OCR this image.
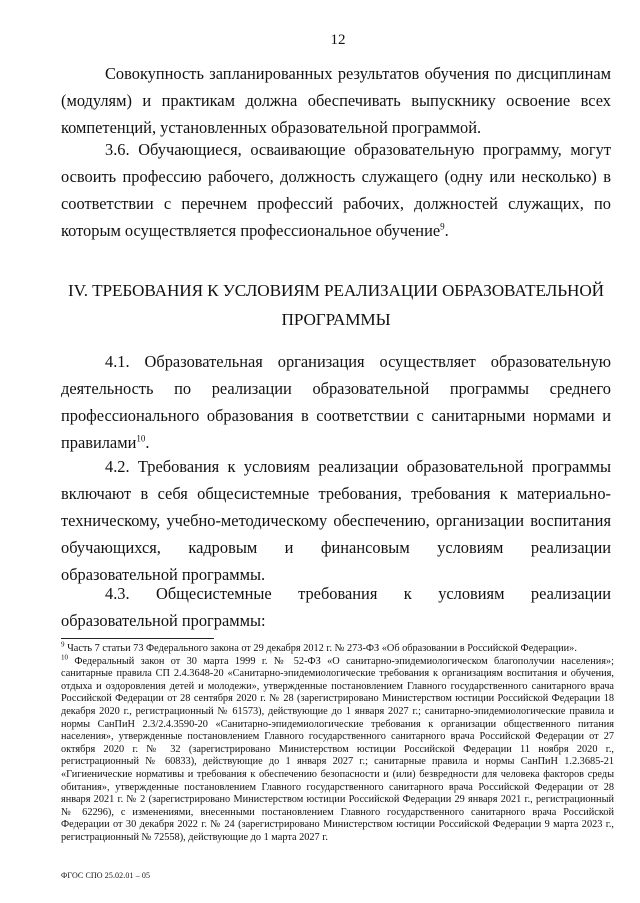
12

Совокупность запланированных результатов обучения по дисциплинам (модулям) и практикам должна обеспечивать выпускнику освоение всех компетенций, установленных образовательной программой.

3.6. Обучающиеся, осваивающие образовательную программу, могут освоить профессию рабочего, должность служащего (одну или несколько) в соответствии с перечнем профессий рабочих, должностей служащих, по которым осуществляется профессиональное обучение$^9$.

IV. ТРЕБОВАНИЯ К УСЛОВИЯМ РЕАЛИЗАЦИИ ОБРАЗОВАТЕЛЬНОЙ ПРОГРАММЫ

4.1. Образовательная организация осуществляет образовательную деятельность по реализации образовательной программы среднего профессионального образования в соответствии с санитарными нормами и правилами$^{10}$.

4.2. Требования к условиям реализации образовательной программы включают в себя общесистемные требования, требования к материально-техническому, учебно-методическому обеспечению, организации воспитания обучающихся, кадровым и финансовым условиям реализации образовательной программы.

4.3. Общесистемные требования к условиям реализации образовательной программы:

$^9$ Часть 7 статьи 73 Федерального закона от 29 декабря 2012 г. № 273-ФЗ «Об образовании в Российской Федерации».

$^{10}$ Федеральный закон от 30 марта 1999 г. № 52-ФЗ «О санитарно-эпидемиологическом благополучии населения»; санитарные правила СП 2.4.3648-20 «Санитарно-эпидемиологические требования к организациям воспитания и обучения, отдыха и оздоровления детей и молодежи», утвержденные постановлением Главного государственного санитарного врача Российской Федерации от 28 сентября 2020 г. № 28 (зарегистрировано Министерством юстиции Российской Федерации 18 декабря 2020 г., регистрационный № 61573), действующие до 1 января 2027 г.; санитарно-эпидемиологические правила и нормы СанПиН 2.3/2.4.3590-20 «Санитарно-эпидемиологические требования к организации общественного питания населения», утвержденные постановлением Главного государственного санитарного врача Российской Федерации от 27 октября 2020 г. № 32 (зарегистрировано Министерством юстиции Российской Федерации 11 ноября 2020 г., регистрационный № 60833), действующие до 1 января 2027 г.; санитарные правила и нормы СанПиН 1.2.3685-21 «Гигиенические нормативы и требования к обеспечению безопасности и (или) безвредности для человека факторов среды обитания», утвержденные постановлением Главного государственного санитарного врача Российской Федерации от 28 января 2021 г. № 2 (зарегистрировано Министерством юстиции Российской Федерации 29 января 2021 г., регистрационный № 62296), с изменениями, внесенными постановлением Главного государственного санитарного врача Российской Федерации от 30 декабря 2022 г. № 24 (зарегистрировано Министерством юстиции Российской Федерации 9 марта 2023 г., регистрационный № 72558), действующие до 1 марта 2027 г.

ФГОС СПО 25.02.01 – 05
